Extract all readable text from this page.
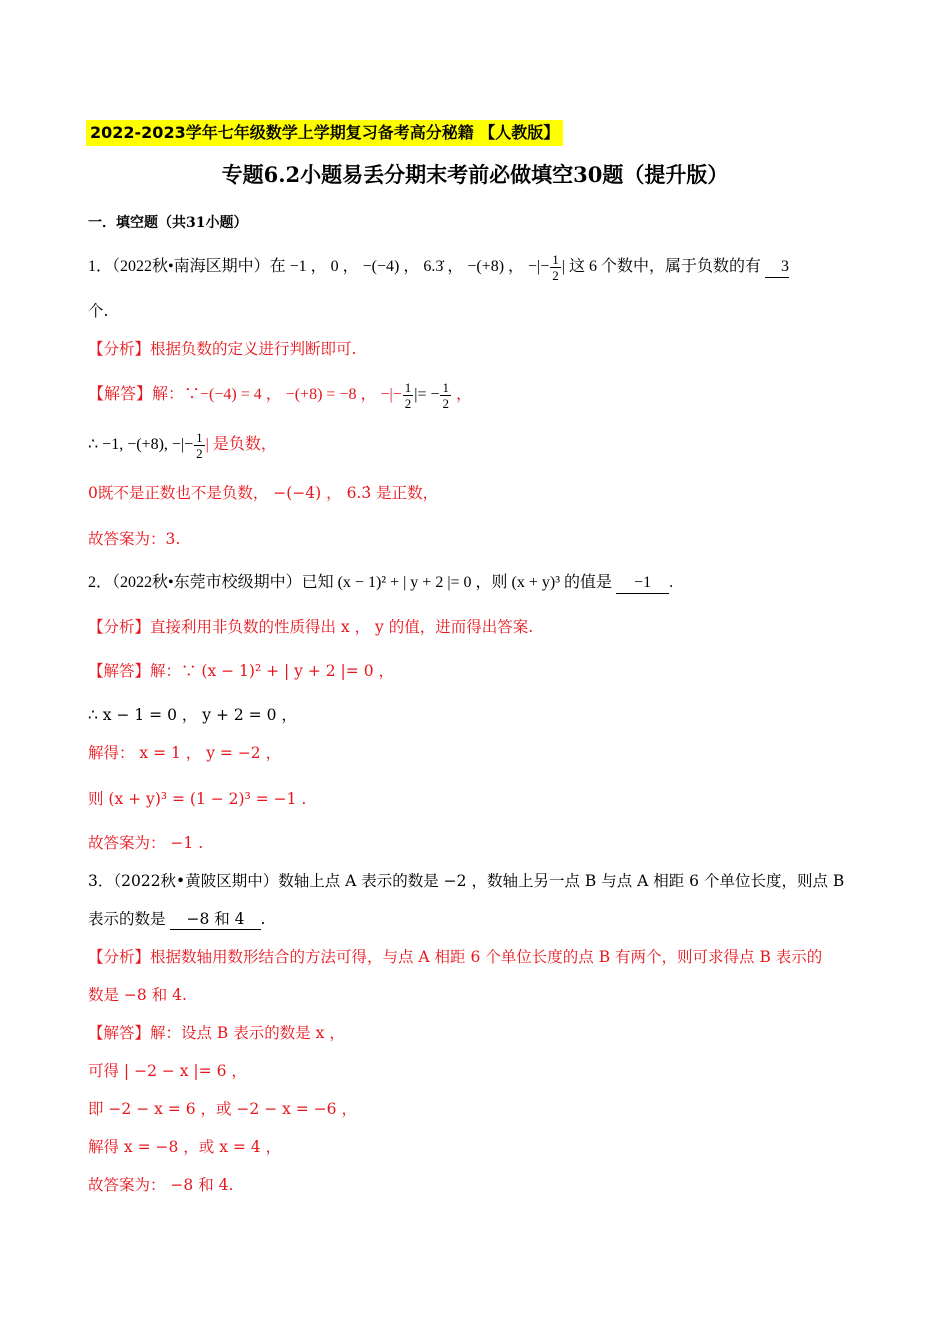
2022-2023学年七年级数学上学期复习备考高分秘籍 【人教版】
专题6.2小题易丢分期末考前必做填空30题（提升版）
一．填空题（共31小题）
1．（2022秋•南海区期中）在 −1 ， 0 ， −(−4) ， 6.3̇ ， −(+8) ， −|− $\frac{1}{2}$ | 这 6 个数中，属于负数的有 3
个.
【分析】根据负数的定义进行判断即可.
【解答】解：∵−(−4) = 4 ， −(+8) = −8 ， −|− $\frac{1}{2}$ |= − $\frac{1}{2}$ ，
∴ −1, −(+8), −|− $\frac{1}{2}$ | 是负数，
0既不是正数也不是负数， −(−4) ， 6.3̇ 是正数，
故答案为：3.
2．（2022秋•东莞市校级期中）已知 (x − 1)² + | y + 2 |= 0 ，则 (x + y)³ 的值是 −1 .
【分析】直接利用非负数的性质得出 x ， y 的值，进而得出答案.
【解答】解：∵ (x − 1)² + | y + 2 |= 0 ，
∴ x − 1 = 0 ， y + 2 = 0 ，
解得： x = 1 ， y = −2 ，
则 (x + y)³ = (1 − 2)³ = −1 .
故答案为： −1 .
3．（2022秋•黄陂区期中）数轴上点 A 表示的数是 −2 ，数轴上另一点 B 与点 A 相距 6 个单位长度，则点 B
表示的数是 −8 和 4 .
【分析】根据数轴用数形结合的方法可得，与点 A 相距 6 个单位长度的点 B 有两个，则可求得点 B 表示的
数是 −8 和 4.
【解答】解：设点 B 表示的数是 x ，
可得 | −2 − x |= 6 ，
即 −2 − x = 6 ，或 −2 − x = −6 ，
解得 x = −8 ，或 x = 4 ，
故答案为： −8 和 4.
